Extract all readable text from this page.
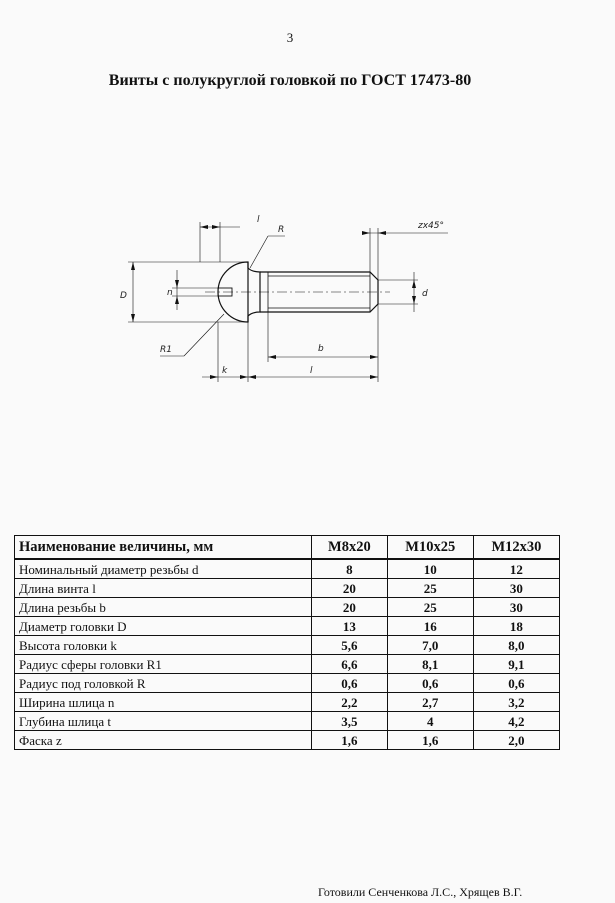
3
Винты с полукруглой головкой по ГОСТ 17473-80
l
R	zx45°
D	n	d
R1	b
k	l
Наименование величины, мм	M8x20	M10x25	M12x30
Номинальный диаметр резьбы d	8	10	12
Длина винта l	20	25	30
Длина резьбы b	20	25	30
Диаметр головки D	13	16	18
Высота головки k	5,6	7,0	8,0
Радиус сферы головки R1	6,6	8,1	9,1
Радиус под головкой R	0,6	0,6	0,6
Ширина шлица n	2,2	2,7	3,2
Глубина шлица t	3,5	4	4,2
Фаска z	1,6	1,6	2,0
Готовили Сенченкова Л.С., Хрящев В.Г.
